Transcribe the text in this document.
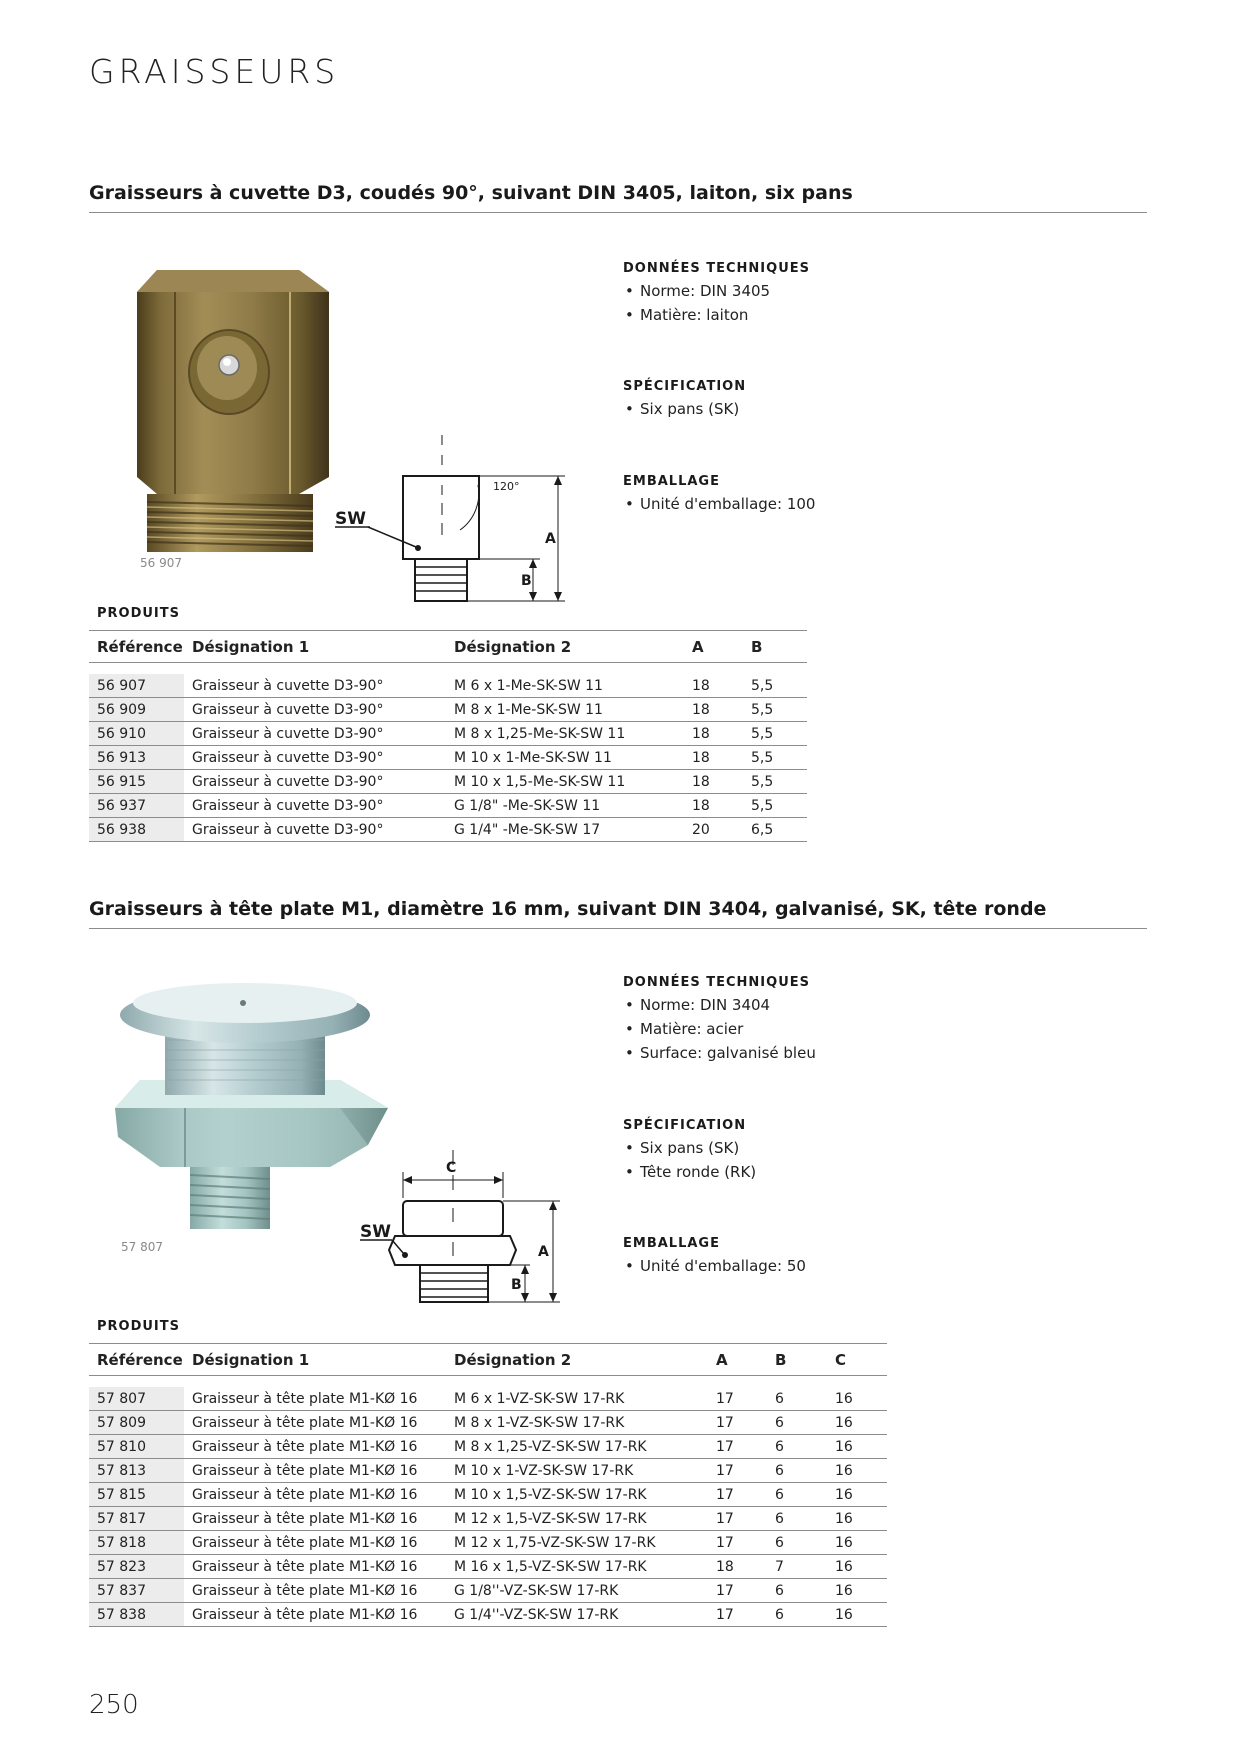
GRAISSEURS
Graisseurs à cuvette D3, coudés 90°, suivant DIN 3405, laiton, six pans
56 907
SW
120°
A
B
DONNÉES TECHNIQUES
• Norme: DIN 3405
• Matière: laiton
SPÉCIFICATION
• Six pans (SK)
EMBALLAGE
• Unité d'emballage: 100
PRODUITS
Référence	Désignation 1	Désignation 2	A	B

56 907	Graisseur à cuvette D3-90°	M 6 x 1-Me-SK-SW 11	18	5,5
56 909	Graisseur à cuvette D3-90°	M 8 x 1-Me-SK-SW 11	18	5,5
56 910	Graisseur à cuvette D3-90°	M 8 x 1,25-Me-SK-SW 11	18	5,5
56 913	Graisseur à cuvette D3-90°	M 10 x 1-Me-SK-SW 11	18	5,5
56 915	Graisseur à cuvette D3-90°	M 10 x 1,5-Me-SK-SW 11	18	5,5
56 937	Graisseur à cuvette D3-90°	G 1/8" -Me-SK-SW 11	18	5,5
56 938	Graisseur à cuvette D3-90°	G 1/4" -Me-SK-SW 17	20	6,5
Graisseurs à tête plate M1, diamètre 16 mm, suivant DIN 3404, galvanisé, SK, tête ronde
57 807
C
SW
A
B
DONNÉES TECHNIQUES
• Norme: DIN 3404
• Matière: acier
• Surface: galvanisé bleu
SPÉCIFICATION
• Six pans (SK)
• Tête ronde (RK)
EMBALLAGE
• Unité d'emballage: 50
PRODUITS
Référence	Désignation 1	Désignation 2	A	B	C

57 807	Graisseur à tête plate M1-KØ 16	M 6 x 1-VZ-SK-SW 17-RK	17	6	16
57 809	Graisseur à tête plate M1-KØ 16	M 8 x 1-VZ-SK-SW 17-RK	17	6	16
57 810	Graisseur à tête plate M1-KØ 16	M 8 x 1,25-VZ-SK-SW 17-RK	17	6	16
57 813	Graisseur à tête plate M1-KØ 16	M 10 x 1-VZ-SK-SW 17-RK	17	6	16
57 815	Graisseur à tête plate M1-KØ 16	M 10 x 1,5-VZ-SK-SW 17-RK	17	6	16
57 817	Graisseur à tête plate M1-KØ 16	M 12 x 1,5-VZ-SK-SW 17-RK	17	6	16
57 818	Graisseur à tête plate M1-KØ 16	M 12 x 1,75-VZ-SK-SW 17-RK	17	6	16
57 823	Graisseur à tête plate M1-KØ 16	M 16 x 1,5-VZ-SK-SW 17-RK	18	7	16
57 837	Graisseur à tête plate M1-KØ 16	G 1/8''-VZ-SK-SW 17-RK	17	6	16
57 838	Graisseur à tête plate M1-KØ 16	G 1/4''-VZ-SK-SW 17-RK	17	6	16
250
